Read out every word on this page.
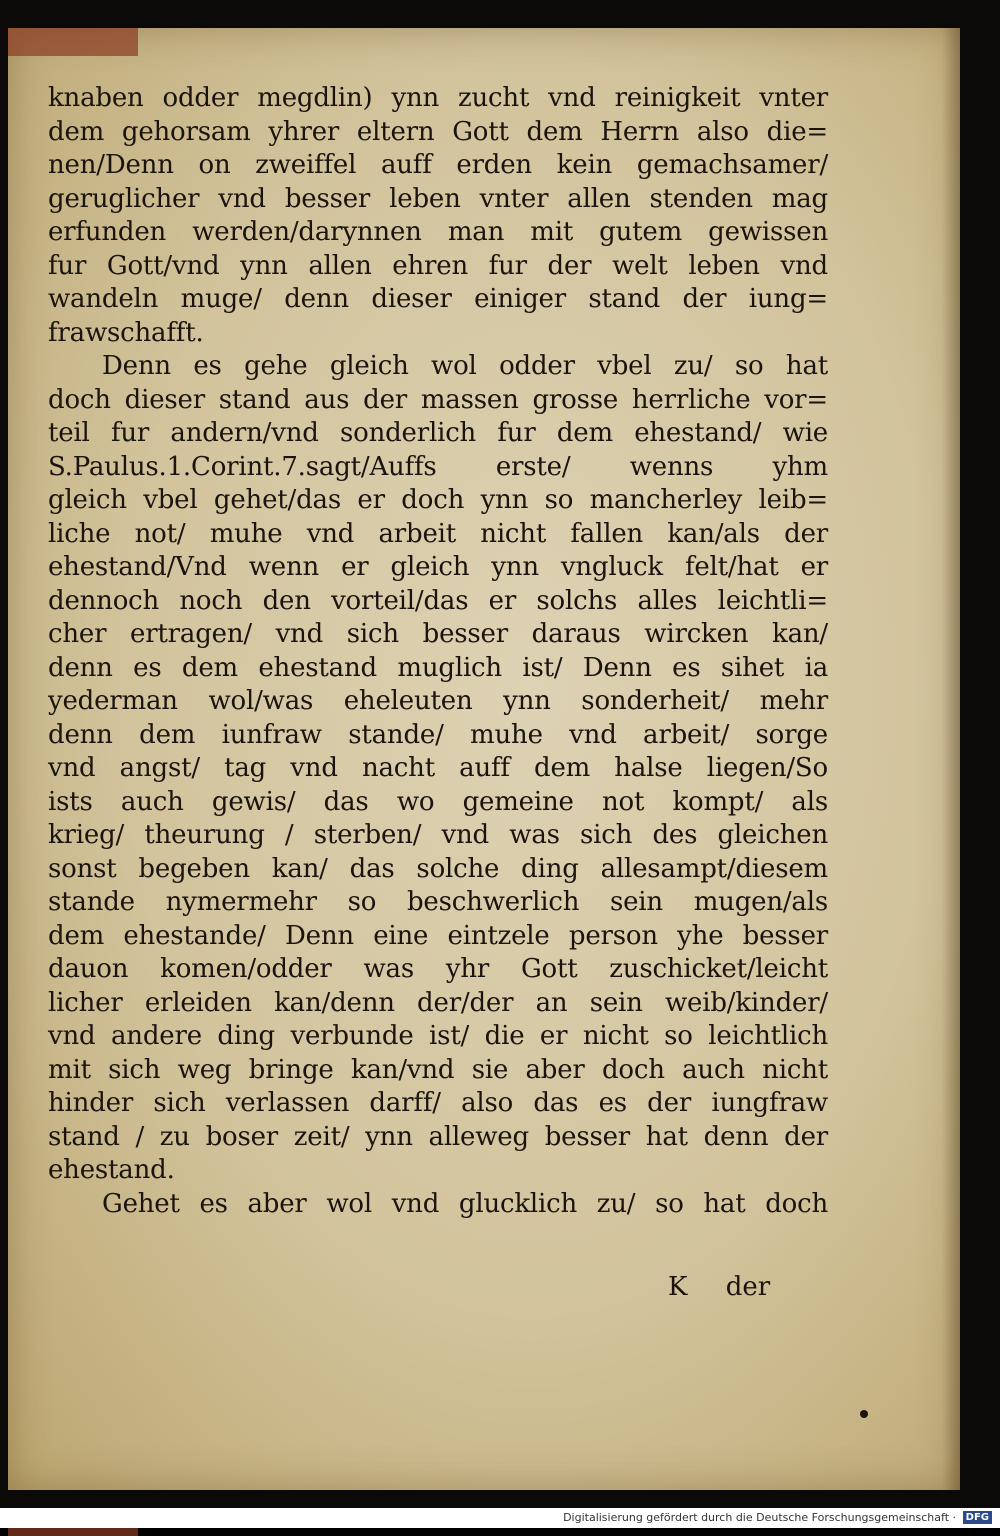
knaben odder megdlin) ynn zucht vnd reinigkeit vnter
dem gehorsam yhrer eltern Gott dem Herrn also die=
nen/Denn on zweiffel auff erden kein gemachsamer/
geruglicher vnd besser leben vnter allen stenden mag
erfunden werden/darynnen man mit gutem gewissen
fur Gott/vnd ynn allen ehren fur der welt leben vnd
wandeln muge/ denn dieser einiger stand der iung=
frawschafft.
Denn es gehe gleich wol odder vbel zu/ so hat
doch dieser stand aus der massen grosse herrliche vor=
teil fur andern/vnd sonderlich fur dem ehestand/ wie
S.Paulus.1.Corint.7.sagt/Auffs erste/ wenns yhm
gleich vbel gehet/das er doch ynn so mancherley leib=
liche not/ muhe vnd arbeit nicht fallen kan/als der
ehestand/Vnd wenn er gleich ynn vngluck felt/hat er
dennoch noch den vorteil/das er solchs alles leichtli=
cher ertragen/ vnd sich besser daraus wircken kan/
denn es dem ehestand muglich ist/ Denn es sihet ia
yederman wol/was eheleuten ynn sonderheit/ mehr
denn dem iunfraw stande/ muhe vnd arbeit/ sorge
vnd angst/ tag vnd nacht auff dem halse liegen/So
ists auch gewis/ das wo gemeine not kompt/ als
krieg/ theurung / sterben/ vnd was sich des gleichen
sonst begeben kan/ das solche ding allesampt/diesem
stande nymermehr so beschwerlich sein mugen/als
dem ehestande/ Denn eine eintzele person yhe besser
dauon komen/odder was yhr Gott zuschicket/leicht
licher erleiden kan/denn der/der an sein weib/kinder/
vnd andere ding verbunde ist/ die er nicht so leichtlich
mit sich weg bringe kan/vnd sie aber doch auch nicht
hinder sich verlassen darff/ also das es der iungfraw
stand / zu boser zeit/ ynn alleweg besser hat denn der
ehestand.
Gehet es aber wol vnd glucklich zu/ so hat doch
K der
Digitalisierung gefördert durch die Deutsche Forschungsgemeinschaft · DFG
